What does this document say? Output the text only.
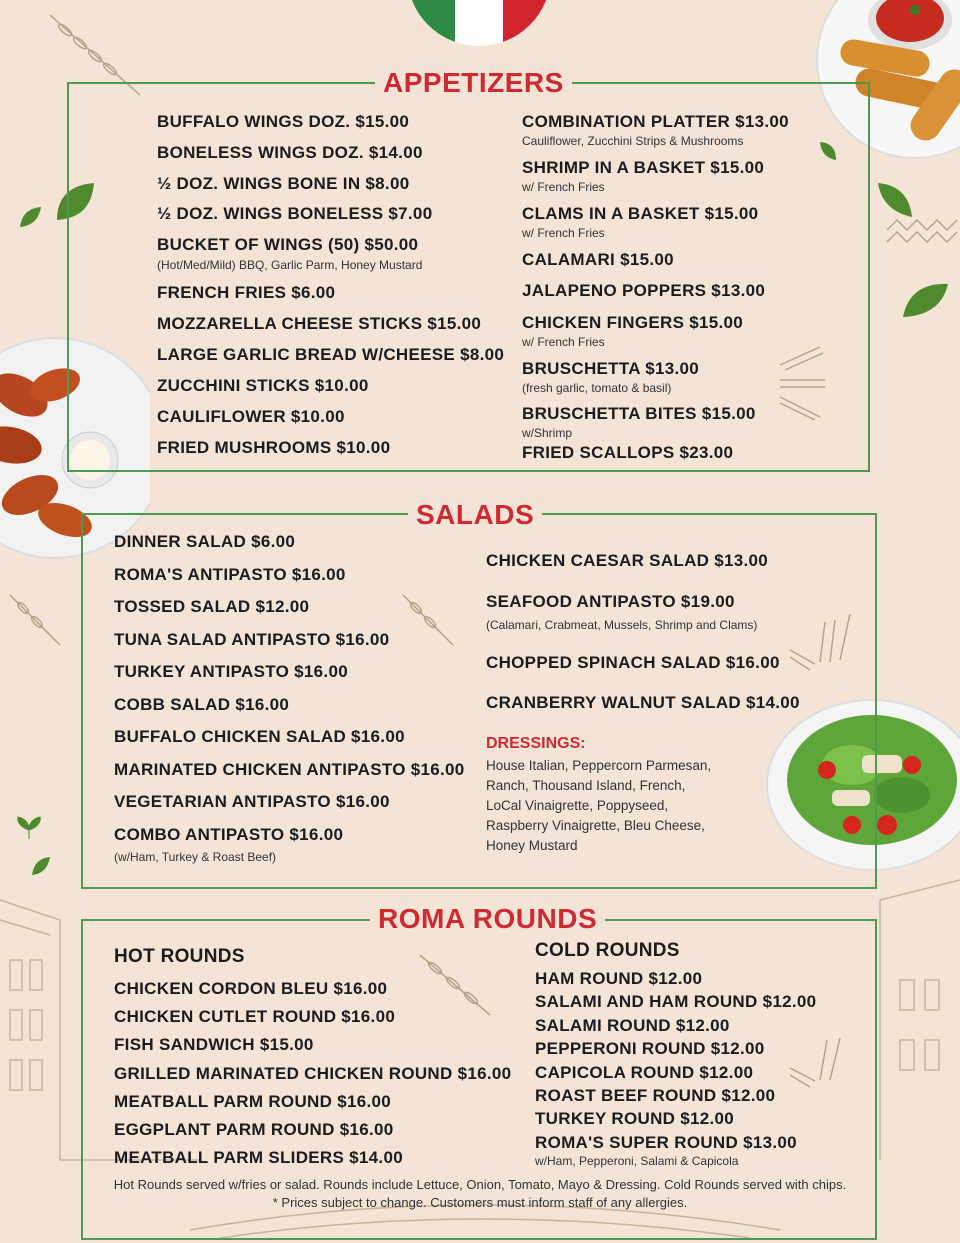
APPETIZERS
BUFFALO WINGS DOZ. $15.00
BONELESS WINGS DOZ. $14.00
½ DOZ. WINGS BONE IN $8.00
½ DOZ. WINGS BONELESS $7.00
BUCKET OF WINGS (50) $50.00
(Hot/Med/Mild) BBQ, Garlic Parm, Honey Mustard
FRENCH FRIES $6.00
MOZZARELLA CHEESE STICKS $15.00
LARGE GARLIC BREAD W/CHEESE $8.00
ZUCCHINI STICKS $10.00
CAULIFLOWER $10.00
FRIED MUSHROOMS $10.00
COMBINATION PLATTER $13.00
Cauliflower, Zucchini Strips & Mushrooms
SHRIMP IN A BASKET $15.00
w/ French Fries
CLAMS IN A BASKET $15.00
w/ French Fries
CALAMARI $15.00
JALAPENO POPPERS $13.00
CHICKEN FINGERS $15.00
w/ French Fries
BRUSCHETTA $13.00
(fresh garlic, tomato & basil)
BRUSCHETTA BITES $15.00
w/Shrimp
FRIED SCALLOPS $23.00
SALADS
DINNER SALAD $6.00
ROMA'S ANTIPASTO $16.00
TOSSED SALAD $12.00
TUNA SALAD ANTIPASTO $16.00
TURKEY ANTIPASTO $16.00
COBB SALAD $16.00
BUFFALO CHICKEN SALAD $16.00
MARINATED CHICKEN ANTIPASTO $16.00
VEGETARIAN ANTIPASTO $16.00
COMBO ANTIPASTO $16.00
(w/Ham, Turkey & Roast Beef)
CHICKEN CAESAR SALAD $13.00
SEAFOOD ANTIPASTO $19.00
(Calamari, Crabmeat, Mussels, Shrimp and Clams)
CHOPPED SPINACH SALAD $16.00
CRANBERRY WALNUT SALAD $14.00
DRESSINGS:
House Italian, Peppercorn Parmesan,
Ranch, Thousand Island, French,
LoCal Vinaigrette, Poppyseed,
Raspberry Vinaigrette, Bleu Cheese,
Honey Mustard
ROMA ROUNDS
HOT ROUNDS
CHICKEN CORDON BLEU $16.00
CHICKEN CUTLET ROUND $16.00
FISH SANDWICH $15.00
GRILLED MARINATED CHICKEN ROUND $16.00
MEATBALL PARM ROUND $16.00
EGGPLANT PARM ROUND $16.00
MEATBALL PARM SLIDERS $14.00
COLD ROUNDS
HAM ROUND $12.00
SALAMI AND HAM ROUND $12.00
SALAMI ROUND $12.00
PEPPERONI ROUND $12.00
CAPICOLA ROUND $12.00
ROAST BEEF ROUND $12.00
TURKEY ROUND $12.00
ROMA'S SUPER ROUND $13.00
w/Ham, Pepperoni, Salami & Capicola
Hot Rounds served w/fries or salad. Rounds include Lettuce, Onion, Tomato, Mayo & Dressing. Cold Rounds served with chips.
* Prices subject to change. Customers must inform staff of any allergies.
